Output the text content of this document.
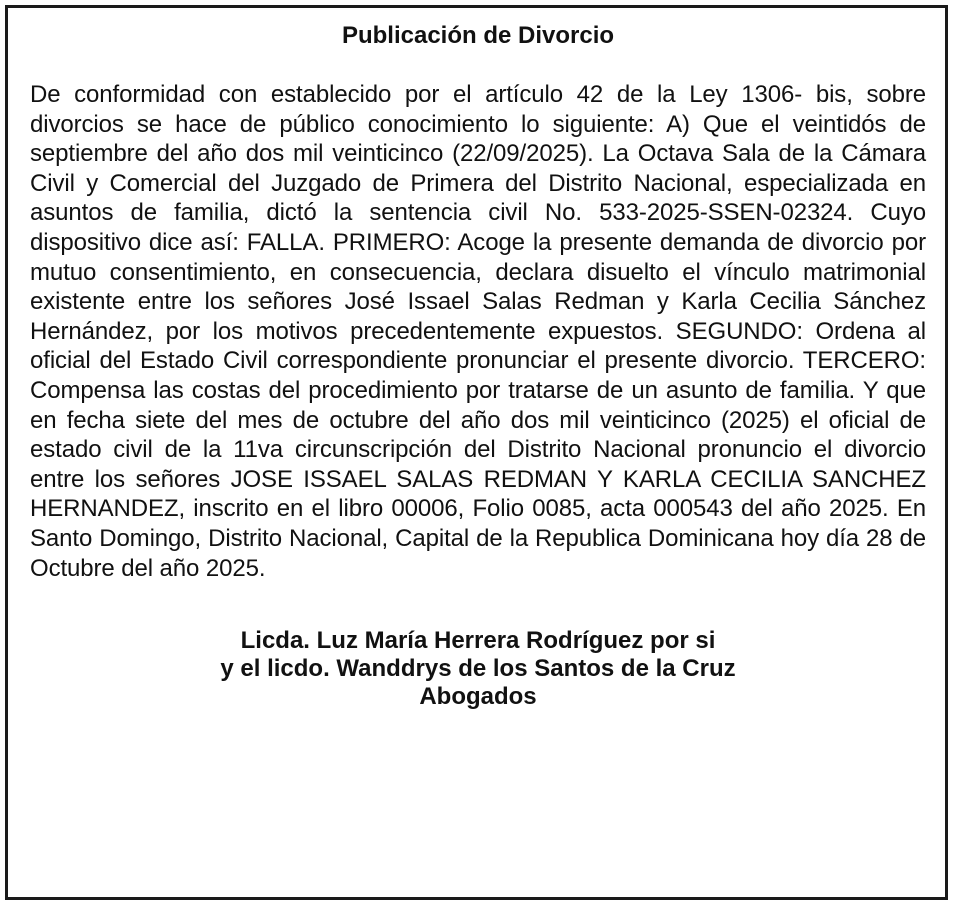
Publicación de Divorcio

De conformidad con establecido por el artículo 42 de la Ley 1306- bis, sobre divorcios se hace de público conocimiento lo siguiente: A) Que el veintidós de septiembre del año dos mil veinticinco (22/09/2025). La Octava Sala de la Cámara Civil y Comercial del Juzgado de Primera del Distrito Nacional, especializada en asuntos de familia, dictó la sentencia civil No. 533-2025-SSEN-02324. Cuyo dispositivo dice así: FALLA. PRIMERO: Acoge la presente demanda de divorcio por mutuo consentimiento, en consecuencia, declara disuelto el vínculo matrimonial existente entre los señores José Issael Salas Redman y Karla Cecilia Sánchez Hernández, por los motivos precedentemente expuestos. SEGUNDO: Ordena al oficial del Estado Civil correspondiente pronunciar el presente divorcio. TERCERO: Compensa las costas del procedimiento por tratarse de un asunto de familia. Y que en fecha siete del mes de octubre del año dos mil veinticinco (2025) el oficial de estado civil de la 11va circunscripción del Distrito Nacional pronuncio el divorcio entre los señores JOSE ISSAEL SALAS REDMAN Y KARLA CECILIA SANCHEZ HERNANDEZ, inscrito en el libro 00006, Folio 0085, acta 000543 del año 2025. En Santo Domingo, Distrito Nacional, Capital de la Republica Dominicana hoy día 28 de Octubre del año 2025.

Licda. Luz María Herrera Rodríguez por si
y el licdo. Wanddrys de los Santos de la Cruz
Abogados
